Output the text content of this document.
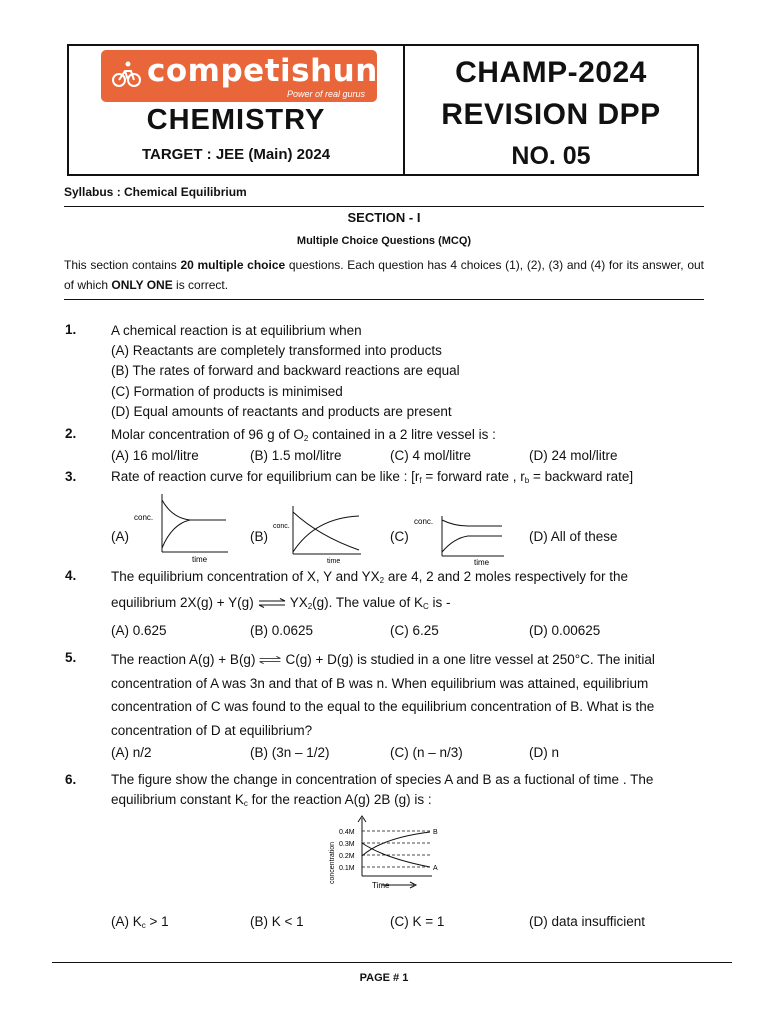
competishun
Power of real gurus
CHEMISTRY
TARGET : JEE (Main) 2024
CHAMP-2024
REVISION DPP
NO. 05
Syllabus : Chemical Equilibrium
SECTION - I
Multiple Choice Questions (MCQ)
This section contains 20 multiple choice questions. Each question has 4 choices (1), (2), (3) and (4) for its answer, out of which ONLY ONE is correct.
1.	A chemical reaction is at equilibrium when
(A) Reactants are completely transformed into products
(B) The rates of forward and backward reactions are equal
(C) Formation of products is minimised
(D) Equal amounts of reactants and products are present
2.	Molar concentration of 96 g of $O_2$ contained in a 2 litre vessel is :
(A) 16 mol/litre	(B) 1.5 mol/litre	(C) 4 mol/litre	(D) 24 mol/litre
3.	Rate of reaction curve for equilibrium can be like : [$r_f$ = forward rate , $r_b$ = backward rate]
(A)
conc.
time
(B)
conc.
time
(C)
conc.
time
(D) All of these
4.	The equilibrium concentration of X, Y and $YX_2$ are 4, 2 and 2 moles respectively for the
equilibrium 2X(g) + Y(g) ⇌ $YX_2(g)$. The value of $K_C$ is -
(A) 0.625	(B) 0.0625	(C) 6.25	(D) 0.00625
5.	The reaction A(g) + B(g) ⇌ C(g) + D(g) is studied in a one litre vessel at 250°C. The initial
concentration of A was 3n and that of B was n. When equilibrium was attained, equilibrium
concentration of C was found to the equal to the equilibrium concentration of B. What is the
concentration of D at equilibrium?
(A) n/2	(B) (3n – 1/2)	(C) (n – n/3)	(D) n
6.	The figure show the change in concentration of species A and B as a fuctional of time . The
equilibrium constant $K_c$ for the reaction A(g) 2B (g) is :
0.4M
0.3M
0.2M
0.1M
B
A
Time
concentration
(A) $K_c > 1$	(B) K < 1	(C) K = 1	(D) data insufficient
PAGE # 1
